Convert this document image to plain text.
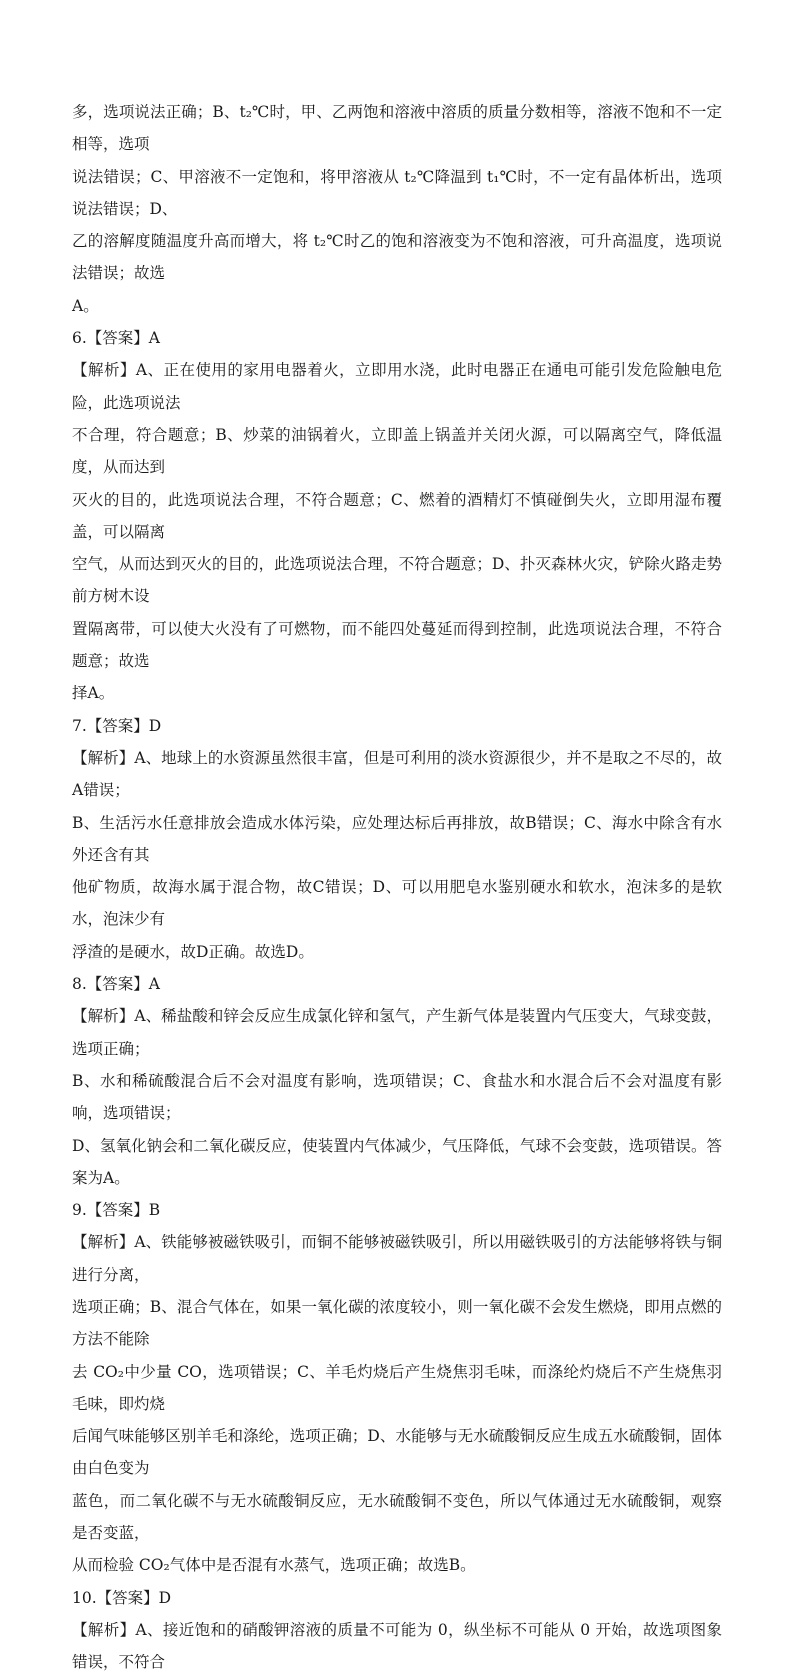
多，选项说法正确；B、t₂℃时，甲、乙两饱和溶液中溶质的质量分数相等，溶液不饱和不一定相等，选项

说法错误；C、甲溶液不一定饱和，将甲溶液从 t₂℃降温到 t₁℃时，不一定有晶体析出，选项说法错误；D、

乙的溶解度随温度升高而增大，将 t₂℃时乙的饱和溶液变为不饱和溶液，可升高温度，选项说法错误；故选

A。

6.【答案】A

【解析】A、正在使用的家用电器着火，立即用水浇，此时电器正在通电可能引发危险触电危险，此选项说法

不合理，符合题意；B、炒菜的油锅着火，立即盖上锅盖并关闭火源，可以隔离空气，降低温度，从而达到

灭火的目的，此选项说法合理，不符合题意；C、燃着的酒精灯不慎碰倒失火，立即用湿布覆盖，可以隔离

空气，从而达到灭火的目的，此选项说法合理，不符合题意；D、扑灭森林火灾，铲除火路走势前方树木设

置隔离带，可以使大火没有了可燃物，而不能四处蔓延而得到控制，此选项说法合理，不符合题意；故选

择A。

7.【答案】D

【解析】A、地球上的水资源虽然很丰富，但是可利用的淡水资源很少，并不是取之不尽的，故A错误；

B、生活污水任意排放会造成水体污染，应处理达标后再排放，故B错误；C、海水中除含有水外还含有其

他矿物质，故海水属于混合物，故C错误；D、可以用肥皂水鉴别硬水和软水，泡沫多的是软水，泡沫少有

浮渣的是硬水，故D正确。故选D。

8.【答案】A

【解析】A、稀盐酸和锌会反应生成氯化锌和氢气，产生新气体是装置内气压变大，气球变鼓，选项正确；

B、水和稀硫酸混合后不会对温度有影响，选项错误；C、食盐水和水混合后不会对温度有影响，选项错误；

D、氢氧化钠会和二氧化碳反应，使装置内气体减少，气压降低，气球不会变鼓，选项错误。答案为A。

9.【答案】B

【解析】A、铁能够被磁铁吸引，而铜不能够被磁铁吸引，所以用磁铁吸引的方法能够将铁与铜进行分离，

选项正确；B、混合气体在，如果一氧化碳的浓度较小，则一氧化碳不会发生燃烧，即用点燃的方法不能除

去 CO₂中少量 CO，选项错误；C、羊毛灼烧后产生烧焦羽毛味，而涤纶灼烧后不产生烧焦羽毛味，即灼烧

后闻气味能够区别羊毛和涤纶，选项正确；D、水能够与无水硫酸铜反应生成五水硫酸铜，固体由白色变为

蓝色，而二氧化碳不与无水硫酸铜反应，无水硫酸铜不变色，所以气体通过无水硫酸铜，观察是否变蓝，

从而检验 CO₂气体中是否混有水蒸气，选项正确；故选B。

10.【答案】D

【解析】A、接近饱和的硝酸钾溶液的质量不可能为 0，纵坐标不可能从 0 开始，故选项图象错误，不符合
